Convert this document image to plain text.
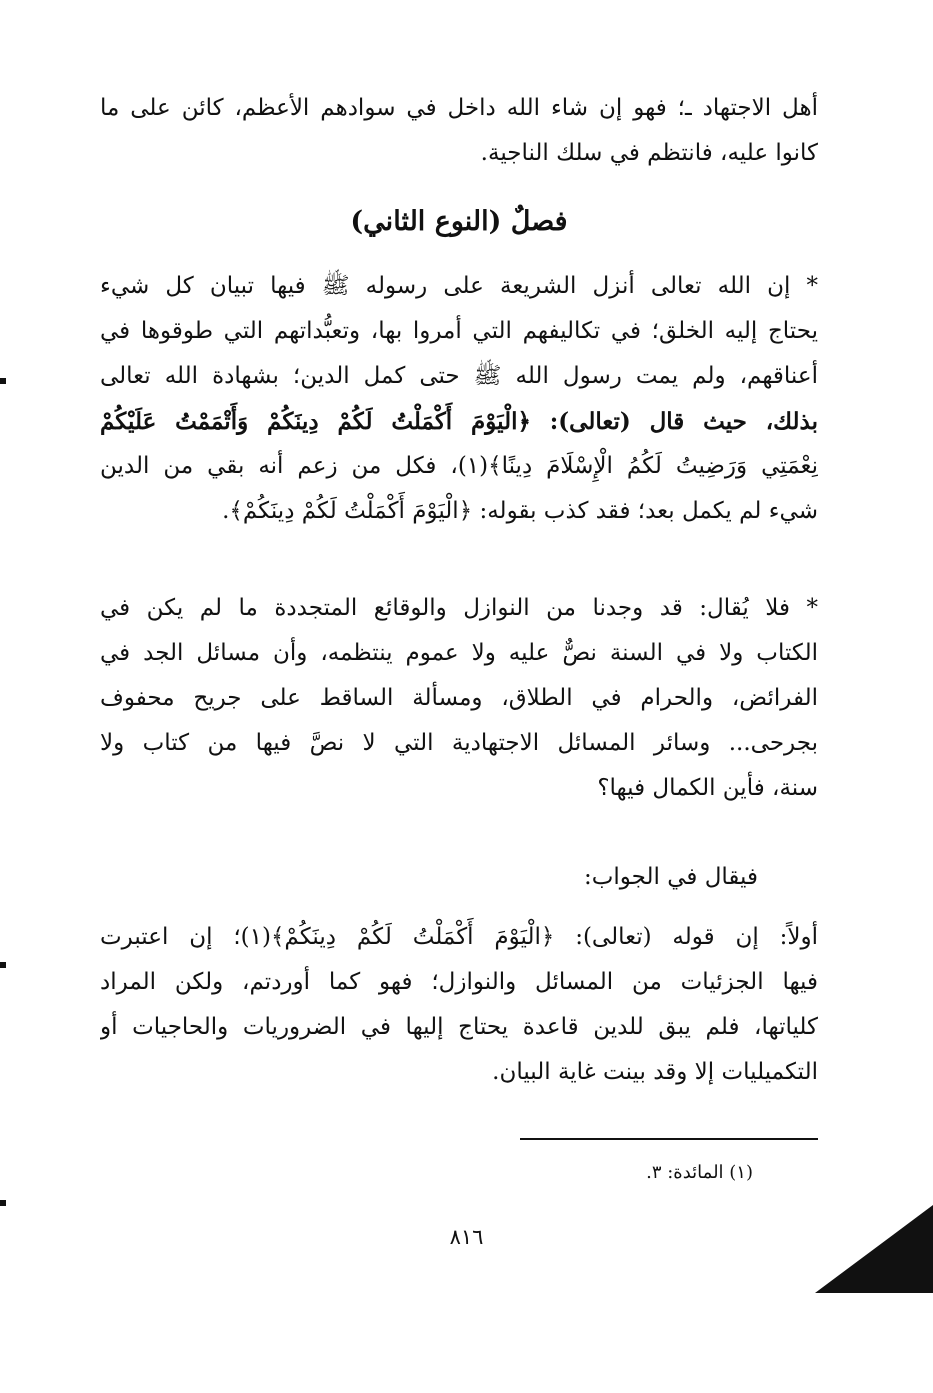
أهل الاجتهاد ـ؛ فهو إن شاء الله داخل في سوادهم الأعظم، كائن على ما
كانوا عليه، فانتظم في سلك الناجية.
فصلٌ (النوع الثاني)
* إن الله تعالى أنزل الشريعة على رسوله ﷺ فيها تبيان كل شيء
يحتاج إليه الخلق؛ في تكاليفهم التي أمروا بها، وتعبُّداتهم التي طوقوها في
أعناقهم، ولم يمت رسول الله ﷺ حتى كمل الدين؛ بشهادة الله تعالى
بذلك، حيث قال (تعالى): ﴿الْيَوْمَ أَكْمَلْتُ لَكُمْ دِينَكُمْ وَأَتْمَمْتُ عَلَيْكُمْ
نِعْمَتِي وَرَضِيتُ لَكُمُ الْإِسْلَامَ دِينًا﴾(١)، فكل من زعم أنه بقي من الدين
شيء لم يكمل بعد؛ فقد كذب بقوله: ﴿الْيَوْمَ أَكْمَلْتُ لَكُمْ دِينَكُمْ﴾.
* فلا يُقال: قد وجدنا من النوازل والوقائع المتجددة ما لم يكن في
الكتاب ولا في السنة نصٌّ عليه ولا عموم ينتظمه، وأن مسائل الجد في
الفرائض، والحرام في الطلاق، ومسألة الساقط على جريح محفوف
بجرحى... وسائر المسائل الاجتهادية التي لا نصَّ فيها من كتاب ولا
سنة، فأين الكمال فيها؟
فيقال في الجواب:
أولاً: إن قوله (تعالى): ﴿الْيَوْمَ أَكْمَلْتُ لَكُمْ دِينَكُمْ﴾(١)؛ إن اعتبرت
فيها الجزئيات من المسائل والنوازل؛ فهو كما أوردتم، ولكن المراد
كلياتها، فلم يبق للدين قاعدة يحتاج إليها في الضروريات والحاجيات أو
التكميليات إلا وقد بينت غاية البيان.
(١) المائدة: ٣.
٨١٦
